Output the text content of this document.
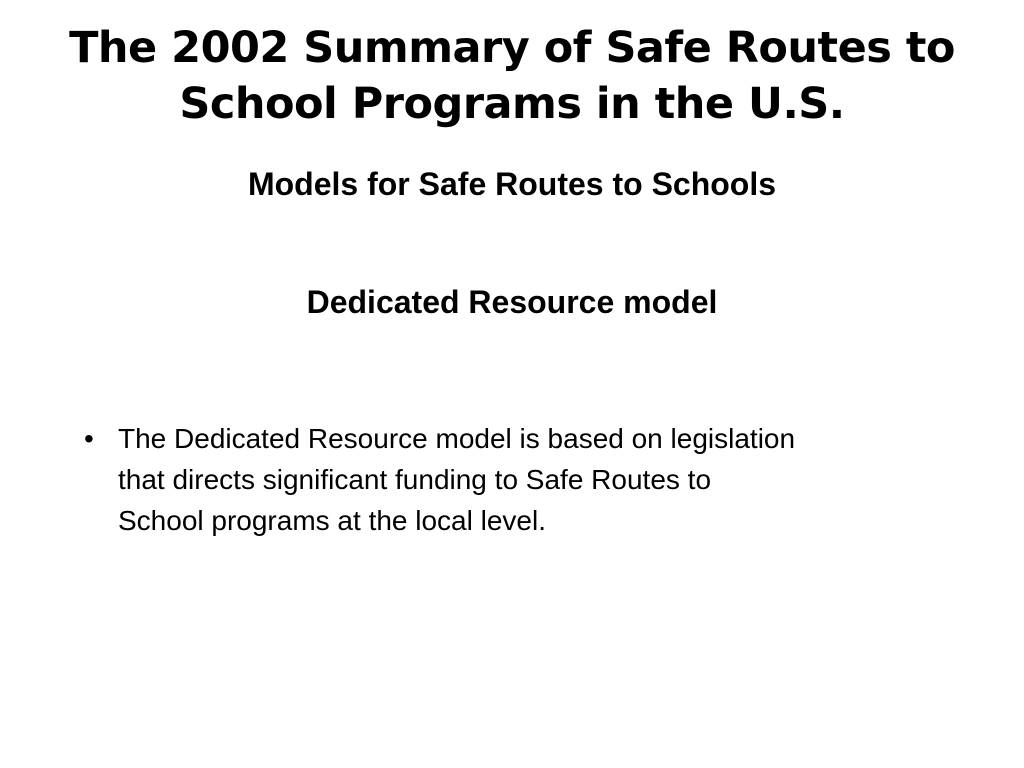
The 2002 Summary of Safe Routes to
School Programs in the U.S.
Models for Safe Routes to Schools
Dedicated Resource model
• The Dedicated Resource model is based on legislation
that directs significant funding to Safe Routes to
School programs at the local level.
